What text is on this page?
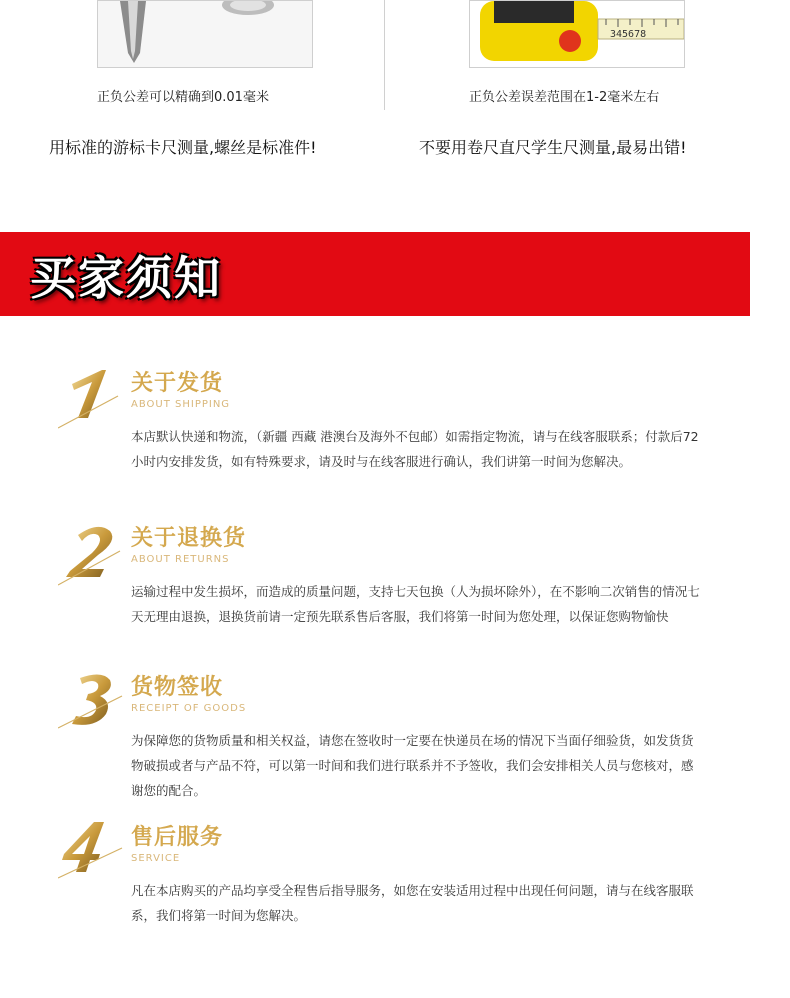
345678
正负公差可以精确到0.01毫米	正负公差误差范围在1-2毫米左右
用标准的游标卡尺测量,螺丝是标准件!	不要用卷尺直尺学生尺测量,最易出错!
买家须知
关于发货
ABOUT SHIPPING
本店默认快递和物流，（新疆 西藏 港澳台及海外不包邮）如需指定物流，请与在线客服联系；付款后72小时内安排发货，如有特殊要求，请及时与在线客服进行确认，我们讲第一时间为您解决。
关于退换货
ABOUT RETURNS
运输过程中发生损坏，而造成的质量问题，支持七天包换（人为损坏除外），在不影响二次销售的情况七天无理由退换，退换货前请一定预先联系售后客服，我们将第一时间为您处理，以保证您购物愉快
货物签收
RECEIPT OF GOODS
为保障您的货物质量和相关权益，请您在签收时一定要在快递员在场的情况下当面仔细验货，如发货货物破损或者与产品不符，可以第一时间和我们进行联系并不予签收，我们会安排相关人员与您核对，感谢您的配合。
售后服务
SERVICE
凡在本店购买的产品均享受全程售后指导服务，如您在安装适用过程中出现任何问题，请与在线客服联系，我们将第一时间为您解决。
